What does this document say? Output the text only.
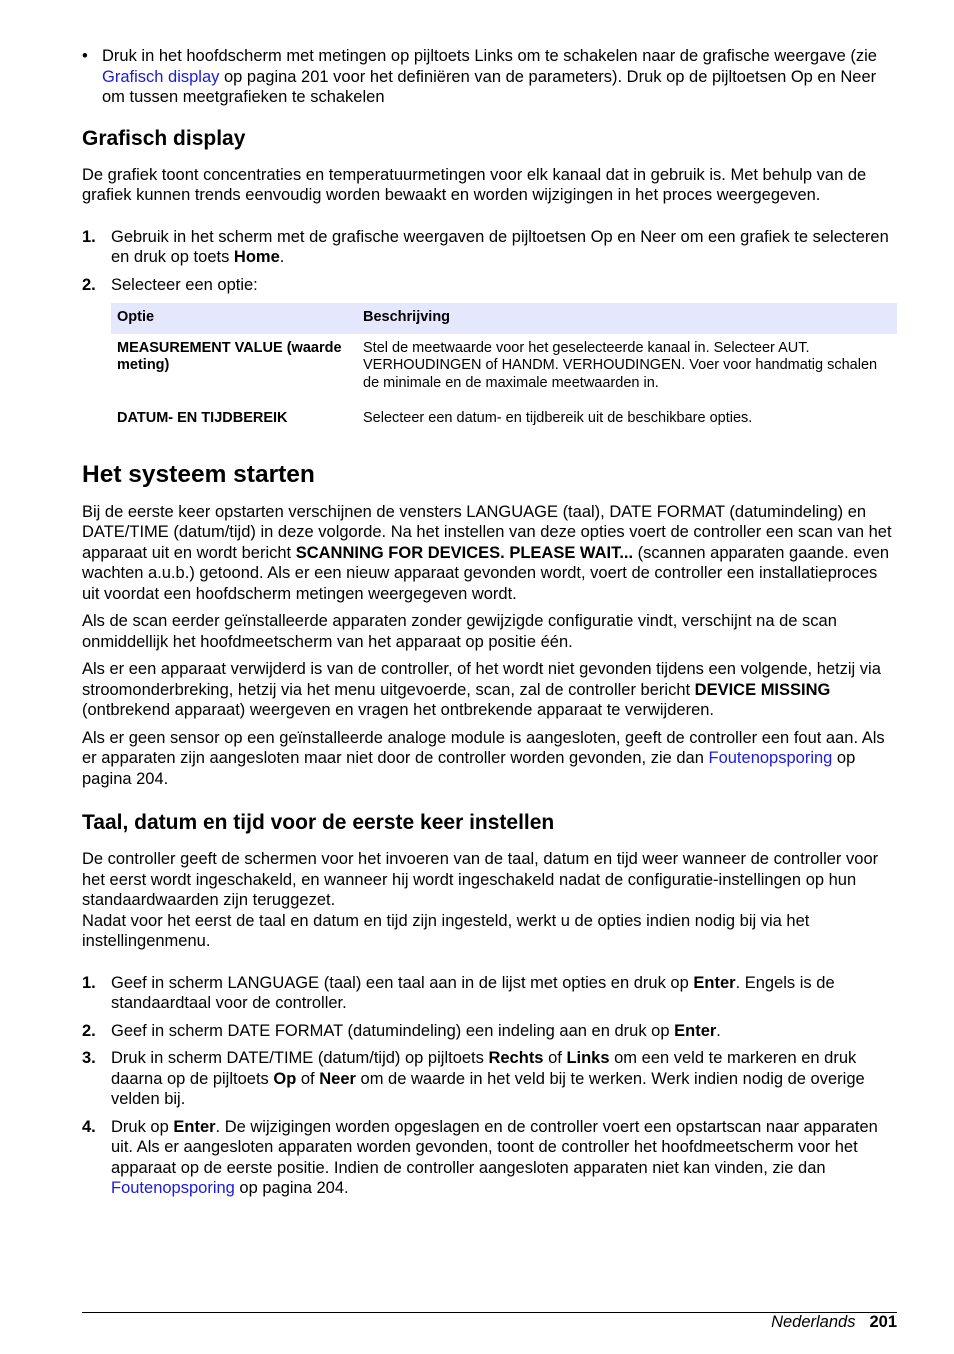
• Druk in het hoofdscherm met metingen op pijltoets Links om te schakelen naar de grafische weergave (zie Grafisch display op pagina 201 voor het definiëren van de parameters). Druk op de pijltoetsen Op en Neer om tussen meetgrafieken te schakelen
Grafisch display

De grafiek toont concentraties en temperatuurmetingen voor elk kanaal dat in gebruik is. Met behulp van de grafiek kunnen trends eenvoudig worden bewaakt en worden wijzigingen in het proces weergegeven.

1. Gebruik in het scherm met de grafische weergaven de pijltoetsen Op en Neer om een grafiek te selecteren en druk op toets Home.
2. Selecteer een optie:
Optie	Beschrijving
MEASUREMENT VALUE (waarde meting)	Stel de meetwaarde voor het geselecteerde kanaal in. Selecteer AUT. VERHOUDINGEN of HANDM. VERHOUDINGEN. Voer voor handmatig schalen de minimale en de maximale meetwaarden in.
DATUM- EN TIJDBEREIK	Selecteer een datum- en tijdbereik uit de beschikbare opties.
Het systeem starten

Bij de eerste keer opstarten verschijnen de vensters LANGUAGE (taal), DATE FORMAT (datumindeling) en DATE/TIME (datum/tijd) in deze volgorde. Na het instellen van deze opties voert de controller een scan van het apparaat uit en wordt bericht SCANNING FOR DEVICES. PLEASE WAIT... (scannen apparaten gaande. even wachten a.u.b.) getoond. Als er een nieuw apparaat gevonden wordt, voert de controller een installatieproces uit voordat een hoofdscherm metingen weergegeven wordt.

Als de scan eerder geïnstalleerde apparaten zonder gewijzigde configuratie vindt, verschijnt na de scan onmiddellijk het hoofdmeetscherm van het apparaat op positie één.

Als er een apparaat verwijderd is van de controller, of het wordt niet gevonden tijdens een volgende, hetzij via stroomonderbreking, hetzij via het menu uitgevoerde, scan, zal de controller bericht DEVICE MISSING (ontbrekend apparaat) weergeven en vragen het ontbrekende apparaat te verwijderen.

Als er geen sensor op een geïnstalleerde analoge module is aangesloten, geeft de controller een fout aan. Als er apparaten zijn aangesloten maar niet door de controller worden gevonden, zie dan Foutenopsporing op pagina 204.

Taal, datum en tijd voor de eerste keer instellen

De controller geeft de schermen voor het invoeren van de taal, datum en tijd weer wanneer de controller voor het eerst wordt ingeschakeld, en wanneer hij wordt ingeschakeld nadat de configuratie-instellingen op hun standaardwaarden zijn teruggezet.
Nadat voor het eerst de taal en datum en tijd zijn ingesteld, werkt u de opties indien nodig bij via het instellingenmenu.

1. Geef in scherm LANGUAGE (taal) een taal aan in de lijst met opties en druk op Enter. Engels is de standaardtaal voor de controller.
2. Geef in scherm DATE FORMAT (datumindeling) een indeling aan en druk op Enter.
3. Druk in scherm DATE/TIME (datum/tijd) op pijltoets Rechts of Links om een veld te markeren en druk daarna op de pijltoets Op of Neer om de waarde in het veld bij te werken. Werk indien nodig de overige velden bij.
4. Druk op Enter. De wijzigingen worden opgeslagen en de controller voert een opstartscan naar apparaten uit. Als er aangesloten apparaten worden gevonden, toont de controller het hoofdmeetscherm voor het apparaat op de eerste positie. Indien de controller aangesloten apparaten niet kan vinden, zie dan Foutenopsporing op pagina 204.
Nederlands 201
